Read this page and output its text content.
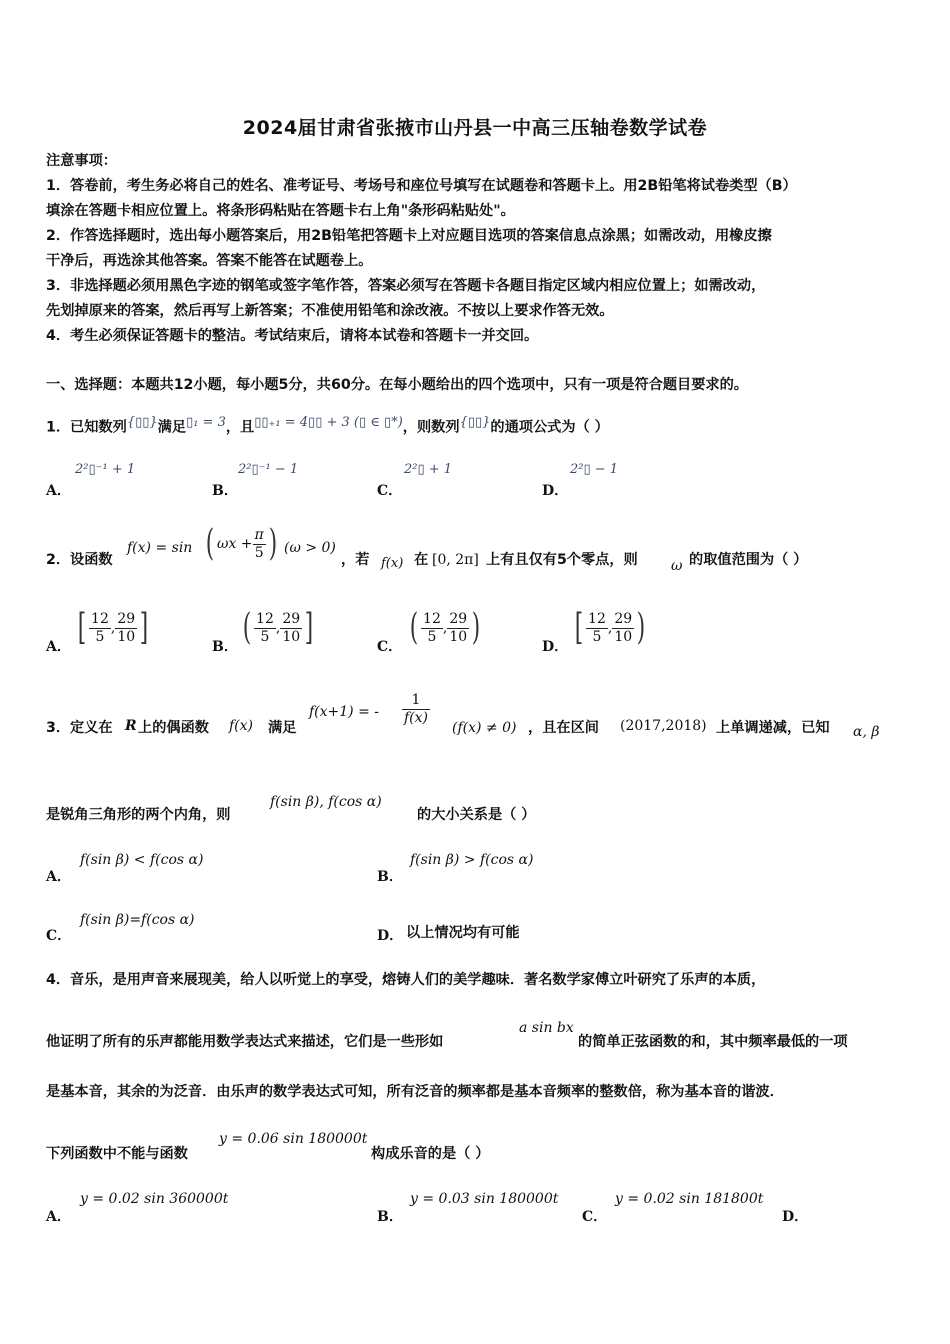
2024届甘肃省张掖市山丹县一中高三压轴卷数学试卷
注意事项：
1．答卷前，考生务必将自己的姓名、准考证号、考场号和座位号填写在试题卷和答题卡上。用2B铅笔将试卷类型（B）
填涂在答题卡相应位置上。将条形码粘贴在答题卡右上角"条形码粘贴处"。
2．作答选择题时，选出每小题答案后，用2B铅笔把答题卡上对应题目选项的答案信息点涂黑；如需改动，用橡皮擦
干净后，再选涂其他答案。答案不能答在试题卷上。
3．非选择题必须用黑色字迹的钢笔或签字笔作答，答案必须写在答题卡各题目指定区域内相应位置上；如需改动，
先划掉原来的答案，然后再写上新答案；不准使用铅笔和涂改液。不按以上要求作答无效。
4．考生必须保证答题卡的整洁。考试结束后，请将本试卷和答题卡一并交回。
一、选择题：本题共12小题，每小题5分，共60分。在每小题给出的四个选项中，只有一项是符合题目要求的。
1．已知数列{▯▯}满足$^{▯_1 = 3}$，且$^{▯▯_{+1} = 4▯▯ + 3 (▯ \in ▯*)}$，则数列{▯▯}的通项公式为（ ）
A．
2²▯⁻¹ + 1
B．
2²▯⁻¹ − 1
C．
2²▯ + 1
D．
2²▯ − 1
2．设函数
f(x) = sin ( $\omega x + \frac{\pi}{5}$ ) (ω > 0)
，若 f(x) 在 [0, 2π] 上有且仅有5个零点，则 ω 的取值范围为（ ）
A． [ $\frac{12}{5}$ , $\frac{29}{10}$ ]	B． ( $\frac{12}{5}$ , $\frac{29}{10}$ ]	C． ( $\frac{12}{5}$ , $\frac{29}{10}$ )	D． [ $\frac{12}{5}$ , $\frac{29}{10}$ )
3．定义在 R 上的偶函数 f(x) 满足
f(x+1) = - $\frac{1}{f(x)}$
(f(x) ≠ 0) ，且在区间 (2017,2018) 上单调递减，已知 α, β
是锐角三角形的两个内角，则
f(sin β), f(cos α)
的大小关系是（ ）
A．
f(sin β) < f(cos α)
B．
f(sin β) > f(cos α)
C．
f(sin β)=f(cos α)
D． 以上情况均有可能
4．音乐，是用声音来展现美，给人以听觉上的享受，熔铸人们的美学趣味．著名数学家傅立叶研究了乐声的本质，
他证明了所有的乐声都能用数学表达式来描述，它们是一些形如
a sin bx
的简单正弦函数的和，其中频率最低的一项
是基本音，其余的为泛音．由乐声的数学表达式可知，所有泛音的频率都是基本音频率的整数倍，称为基本音的谐波．
下列函数中不能与函数
y = 0.06 sin 180000t
构成乐音的是（ ）
A．
y = 0.02 sin 360000t
B．
y = 0.03 sin 180000t
C．
y = 0.02 sin 181800t
D．
